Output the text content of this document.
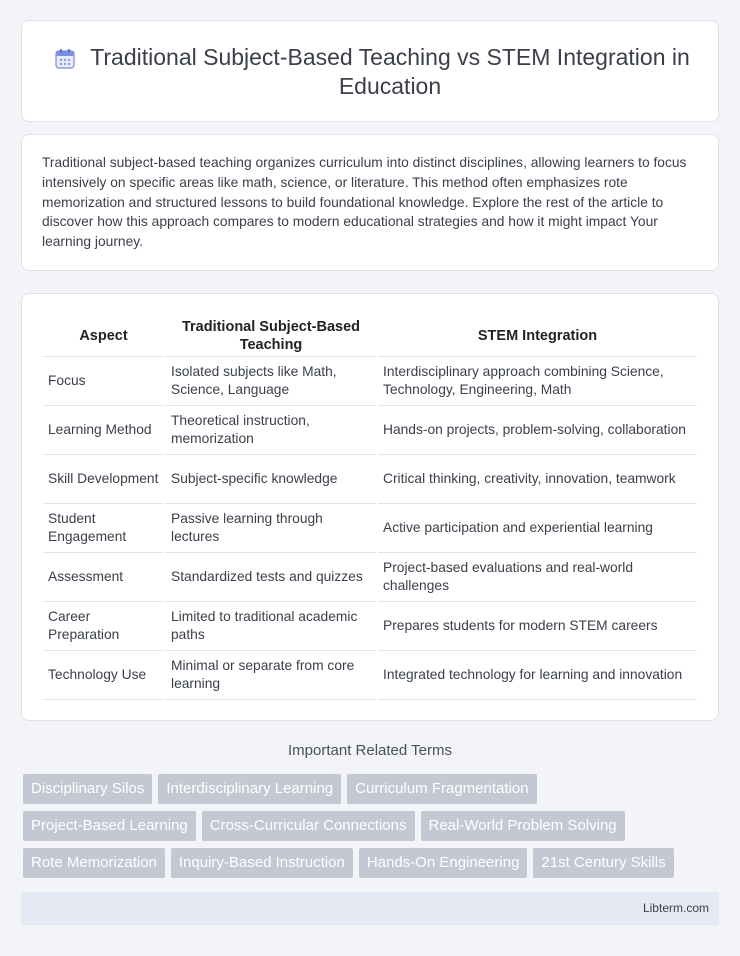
Traditional Subject-Based Teaching vs STEM Integration in Education

Traditional subject-based teaching organizes curriculum into distinct disciplines, allowing learners to focus intensively on specific areas like math, science, or literature. This method often emphasizes rote memorization and structured lessons to build foundational knowledge. Explore the rest of the article to discover how this approach compares to modern educational strategies and how it might impact Your learning journey.

Aspect	Traditional Subject-Based Teaching	STEM Integration
Focus	Isolated subjects like Math, Science, Language	Interdisciplinary approach combining Science, Technology, Engineering, Math
Learning Method	Theoretical instruction, memorization	Hands-on projects, problem-solving, collaboration
Skill Development	Subject-specific knowledge	Critical thinking, creativity, innovation, teamwork
Student Engagement	Passive learning through lectures	Active participation and experiential learning
Assessment	Standardized tests and quizzes	Project-based evaluations and real-world challenges
Career Preparation	Limited to traditional academic paths	Prepares students for modern STEM careers
Technology Use	Minimal or separate from core learning	Integrated technology for learning and innovation
Important Related Terms
Disciplinary Silos	Interdisciplinary Learning	Curriculum Fragmentation
Project-Based Learning	Cross-Curricular Connections	Real-World Problem Solving
Rote Memorization	Inquiry-Based Instruction	Hands-On Engineering	21st Century Skills
Libterm.com
